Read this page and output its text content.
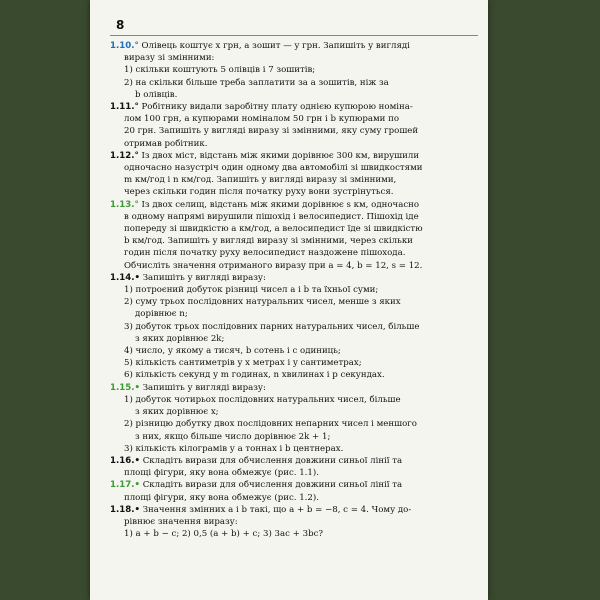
8
1.10.° Олівець коштує x грн, а зошит — y грн. Запишіть у вигляді
виразу зі змінними:
1) скільки коштують 5 олівців і 7 зошитів;
2) на скільки більше треба заплатити за a зошитів, ніж за
b олівців.
1.11.° Робітнику видали заробітну плату однією купюрою номіна-
лом 100 грн, a купюрами номіналом 50 грн і b купюрами по
20 грн. Запишіть у вигляді виразу зі змінними, яку суму грошей
отримав робітник.
1.12.° Із двох міст, відстань між якими дорівнює 300 км, вирушили
одночасно назустріч один одному два автомобілі зі швидкостями
m км/год і n км/год. Запишіть у вигляді виразу зі змінними,
через скільки годин після початку руху вони зустрінуться.
1.13.° Із двох селищ, відстань між якими дорівнює s км, одночасно
в одному напрямі вирушили пішохід і велосипедист. Пішохід іде
попереду зі швидкістю a км/год, а велосипедист їде зі швидкістю
b км/год. Запишіть у вигляді виразу зі змінними, через скільки
годин після початку руху велосипедист наздожене пішохода.
Обчисліть значення отриманого виразу при a = 4, b = 12, s = 12.
1.14.• Запишіть у вигляді виразу:
1) потроєний добуток різниці чисел a і b та їхньої суми;
2) суму трьох послідовних натуральних чисел, менше з яких
дорівнює n;
3) добуток трьох послідовних парних натуральних чисел, більше
з яких дорівнює 2k;
4) число, у якому a тисяч, b сотень і c одиниць;
5) кількість сантиметрів у x метрах і y сантиметрах;
6) кількість секунд у m годинах, n хвилинах і p секундах.
1.15.• Запишіть у вигляді виразу:
1) добуток чотирьох послідовних натуральних чисел, більше
з яких дорівнює x;
2) різницю добутку двох послідовних непарних чисел і меншого
з них, якщо більше число дорівнює 2k + 1;
3) кількість кілограмів у a тоннах і b центнерах.
1.16.• Складіть вирази для обчислення довжини синьої лінії та
площі фігури, яку вона обмежує (рис. 1.1).
1.17.• Складіть вирази для обчислення довжини синьої лінії та
площі фігури, яку вона обмежує (рис. 1.2).
1.18.• Значення змінних a і b такі, що a + b = −8, c = 4. Чому до-
рівнює значення виразу:
1) a + b − c; 2) 0,5 (a + b) + c; 3) 3ac + 3bc?
